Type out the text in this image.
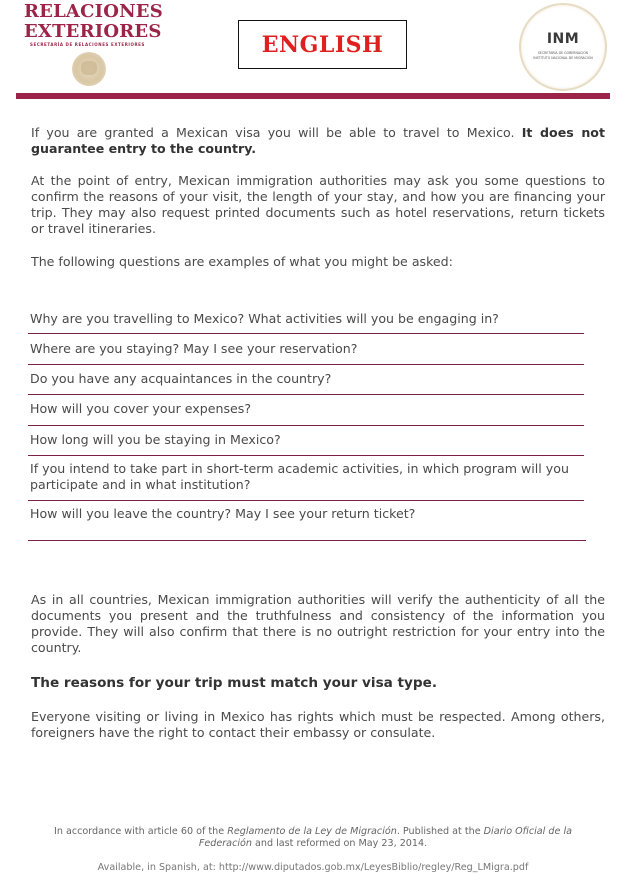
RELACIONES
EXTERIORES
SECRETARÍA DE RELACIONES EXTERIORES	ENGLISH	INM
SECRETARÍA DE GOBERNACIÓN
INSTITUTO NACIONAL DE MIGRACIÓN

If you are granted a Mexican visa you will be able to travel to Mexico. It does not guarantee entry to the country.

At the point of entry, Mexican immigration authorities may ask you some questions to confirm the reasons of your visit, the length of your stay, and how you are financing your trip. They may also request printed documents such as hotel reservations, return tickets or travel itineraries.

The following questions are examples of what you might be asked:

Why are you travelling to Mexico? What activities will you be engaging in?
Where are you staying? May I see your reservation?
Do you have any acquaintances in the country?
How will you cover your expenses?
How long will you be staying in Mexico?
If you intend to take part in short-term academic activities, in which program will you participate and in what institution?
How will you leave the country? May I see your return ticket?

As in all countries, Mexican immigration authorities will verify the authenticity of all the documents you present and the truthfulness and consistency of the information you provide. They will also confirm that there is no outright restriction for your entry into the country.

The reasons for your trip must match your visa type.

Everyone visiting or living in Mexico has rights which must be respected. Among others, foreigners have the right to contact their embassy or consulate.

In accordance with article 60 of the Reglamento de la Ley de Migración. Published at the Diario Oficial de la Federación and last reformed on May 23, 2014.

Available, in Spanish, at: http://www.diputados.gob.mx/LeyesBiblio/regley/Reg_LMigra.pdf
